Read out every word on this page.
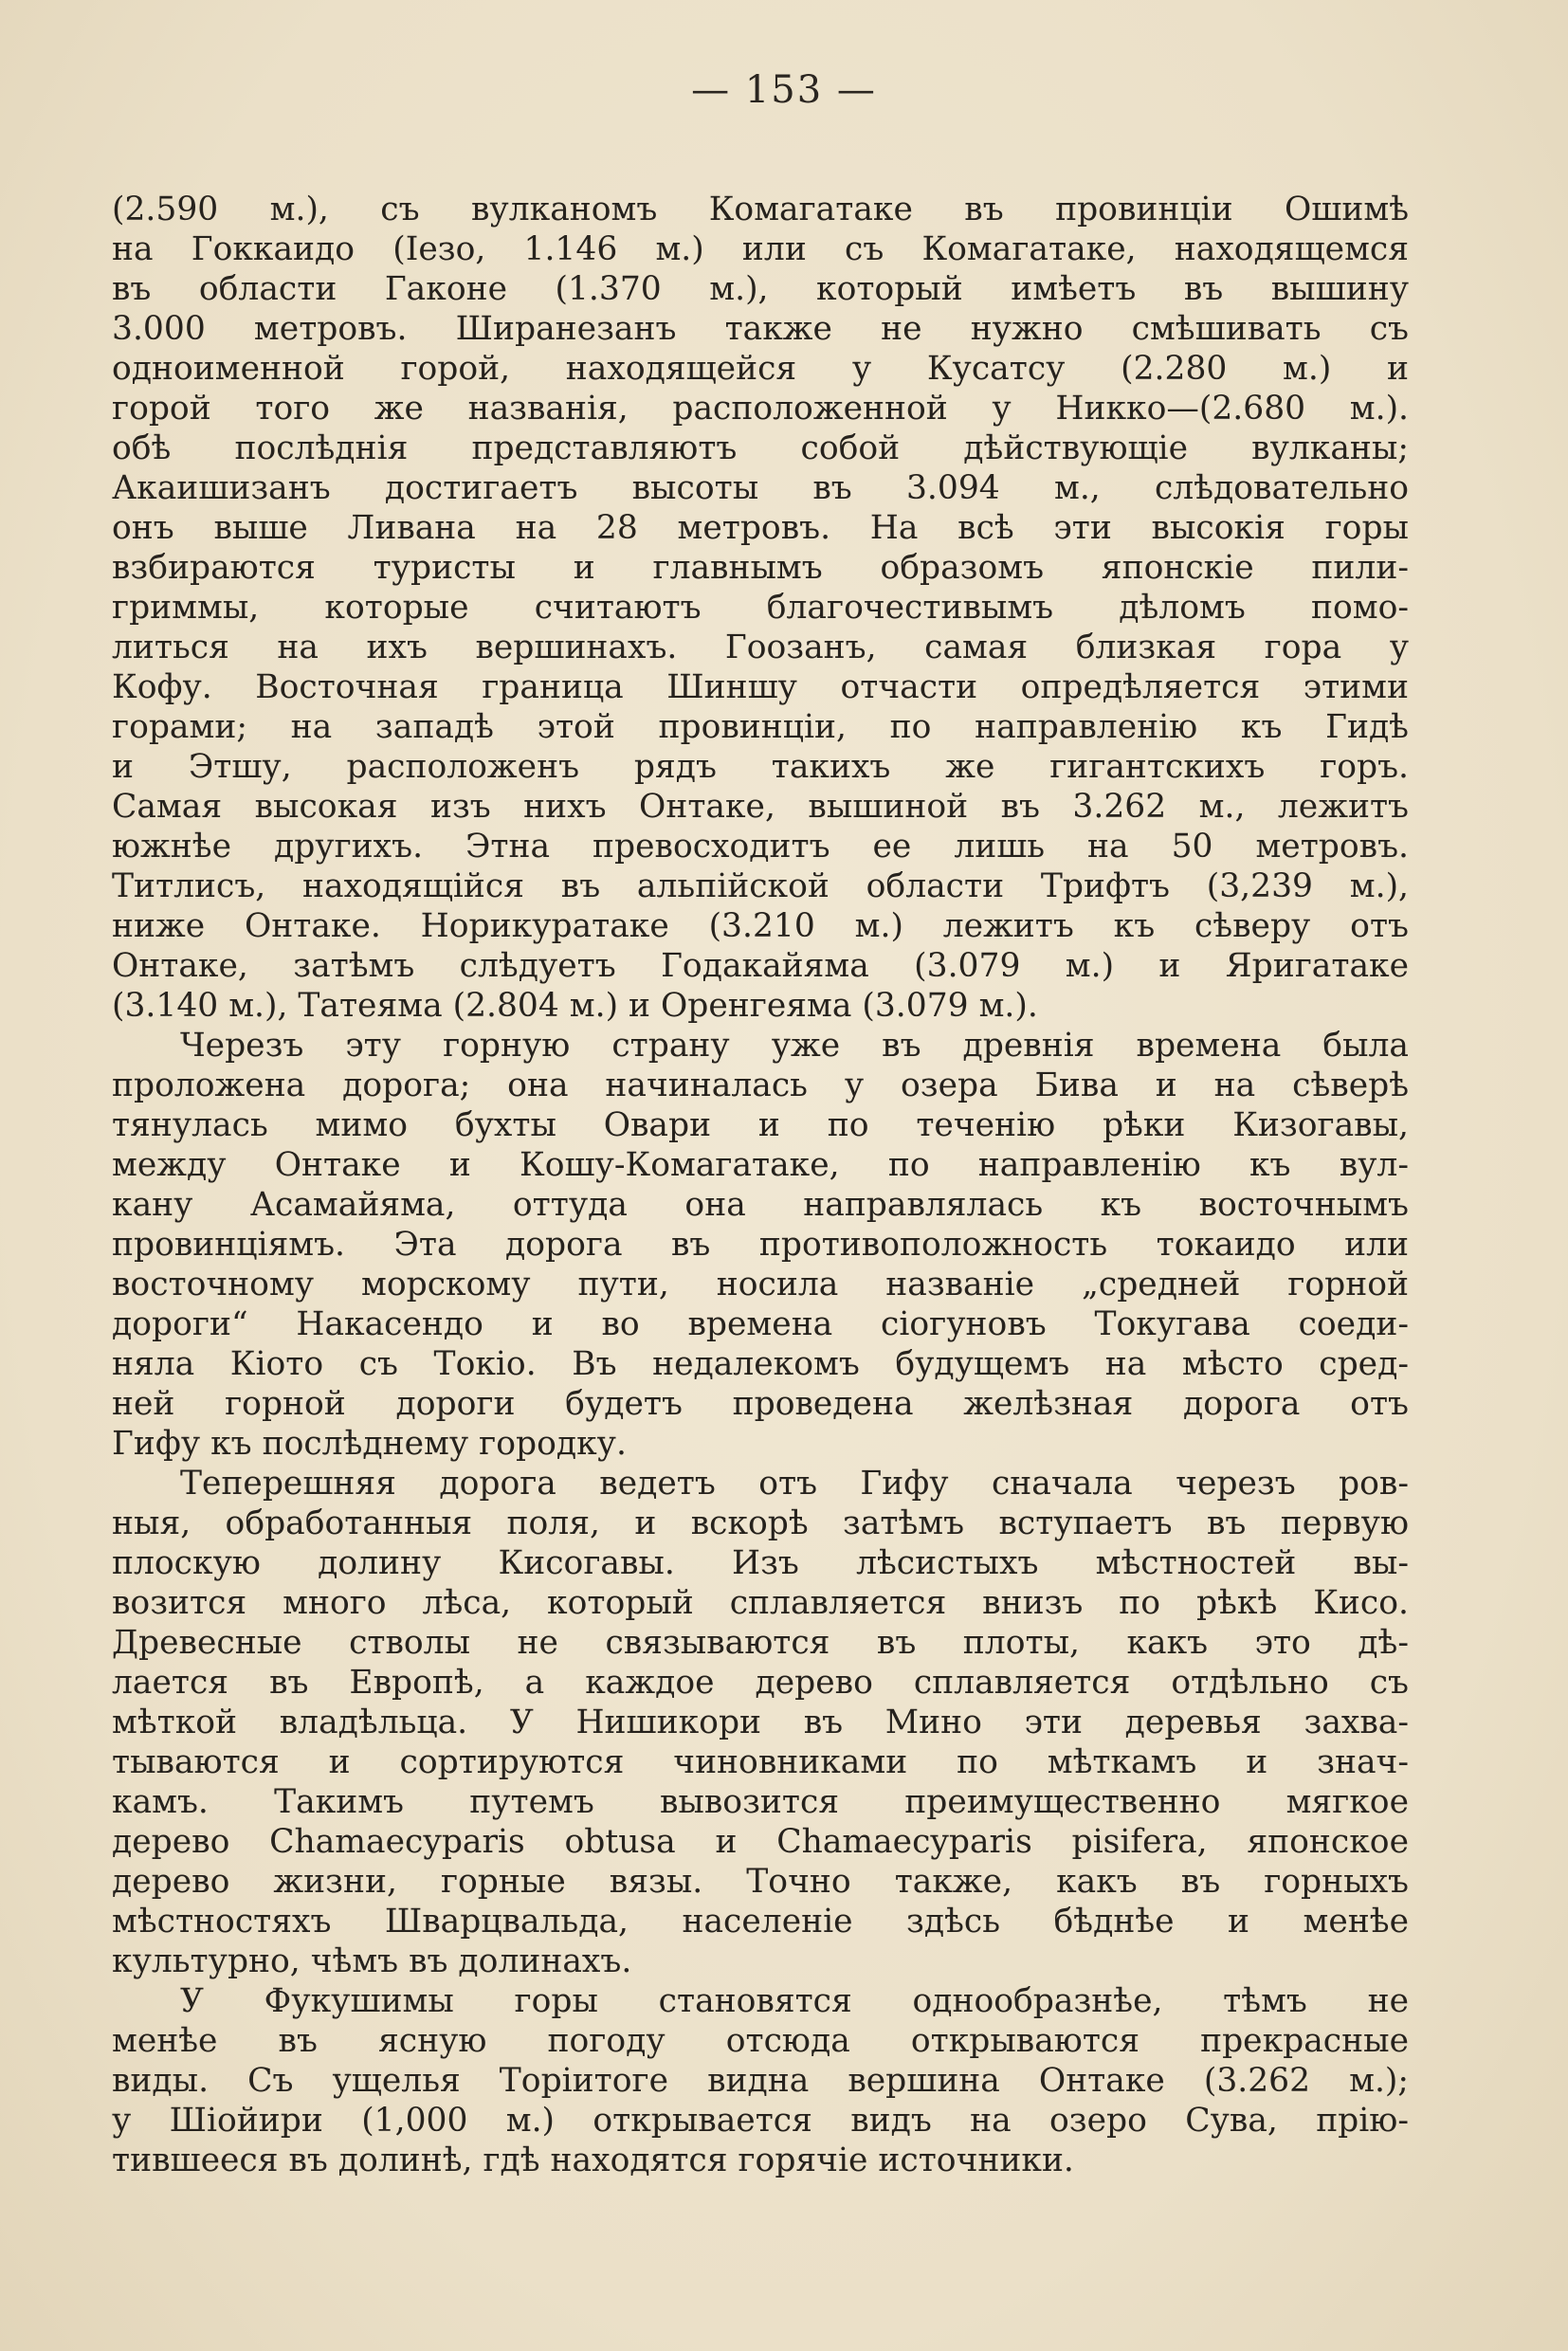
— 153 —
(2.590 м.), съ вулканомъ Комагатаке въ провинціи Ошимѣ
на Гоккаидо (Іезо, 1.146 м.) или съ Комагатаке, находящемся
въ области Гаконе (1.370 м.), который имѣетъ въ вышину
3.000 метровъ. Ширанезанъ также не нужно смѣшивать съ
одноименной горой, находящейся у Кусатсу (2.280 м.) и
горой того же названія, расположенной у Никко—(2.680 м.).
обѣ послѣднія представляютъ собой дѣйствующіе вулканы;
Акаишизанъ достигаетъ высоты въ 3.094 м., слѣдовательно
онъ выше Ливана на 28 метровъ. На всѣ эти высокія горы
взбираются туристы и главнымъ образомъ японскіе пили-
гриммы, которые считаютъ благочестивымъ дѣломъ помо-
литься на ихъ вершинахъ. Гоозанъ, самая близкая гора у
Кофу. Восточная граница Шиншу отчасти опредѣляется этими
горами; на западѣ этой провинціи, по направленію къ Гидѣ
и Этшу, расположенъ рядъ такихъ же гигантскихъ горъ.
Самая высокая изъ нихъ Онтаке, вышиной въ 3.262 м., лежитъ
южнѣе другихъ. Этна превосходитъ ее лишь на 50 метровъ.
Титлисъ, находящійся въ альпійской области Трифтъ (3,239 м.),
ниже Онтаке. Норикуратаке (3.210 м.) лежитъ къ сѣверу отъ
Онтаке, затѣмъ слѣдуетъ Годакайяма (3.079 м.) и Яригатаке
(3.140 м.), Татеяма (2.804 м.) и Оренгеяма (3.079 м.).
Черезъ эту горную страну уже въ древнія времена была
проложена дорога; она начиналась у озера Бива и на сѣверѣ
тянулась мимо бухты Овари и по теченію рѣки Кизогавы,
между Онтаке и Кошу-Комагатаке, по направленію къ вул-
кану Асамайяма, оттуда она направлялась къ восточнымъ
провинціямъ. Эта дорога въ противоположность токаидо или
восточному морскому пути, носила названіе „средней горной
дороги“ Накасендо и во времена сіогуновъ Токугава соеди-
няла Кіото съ Токіо. Въ недалекомъ будущемъ на мѣсто сред-
ней горной дороги будетъ проведена желѣзная дорога отъ
Гифу къ послѣднему городку.
Теперешняя дорога ведетъ отъ Гифу сначала черезъ ров-
ныя, обработанныя поля, и вскорѣ затѣмъ вступаетъ въ первую
плоскую долину Кисогавы. Изъ лѣсистыхъ мѣстностей вы-
возится много лѣса, который сплавляется внизъ по рѣкѣ Кисо.
Древесные стволы не связываются въ плоты, какъ это дѣ-
лается въ Европѣ, а каждое дерево сплавляется отдѣльно съ
мѣткой владѣльца. У Нишикори въ Мино эти деревья захва-
тываются и сортируются чиновниками по мѣткамъ и знач-
камъ. Такимъ путемъ вывозится преимущественно мягкое
дерево Chamaecyparis obtusa и Chamaecyparis pisifera, японское
дерево жизни, горные вязы. Точно также, какъ въ горныхъ
мѣстностяхъ Шварцвальда, населеніе здѣсь бѣднѣе и менѣе
культурно, чѣмъ въ долинахъ.
У Фукушимы горы становятся однообразнѣе, тѣмъ не
менѣе въ ясную погоду отсюда открываются прекрасные
виды. Съ ущелья Торіитоге видна вершина Онтаке (3.262 м.);
у Шіойири (1,000 м.) открывается видъ на озеро Сува, прію-
тившееся въ долинѣ, гдѣ находятся горячіе источники.
